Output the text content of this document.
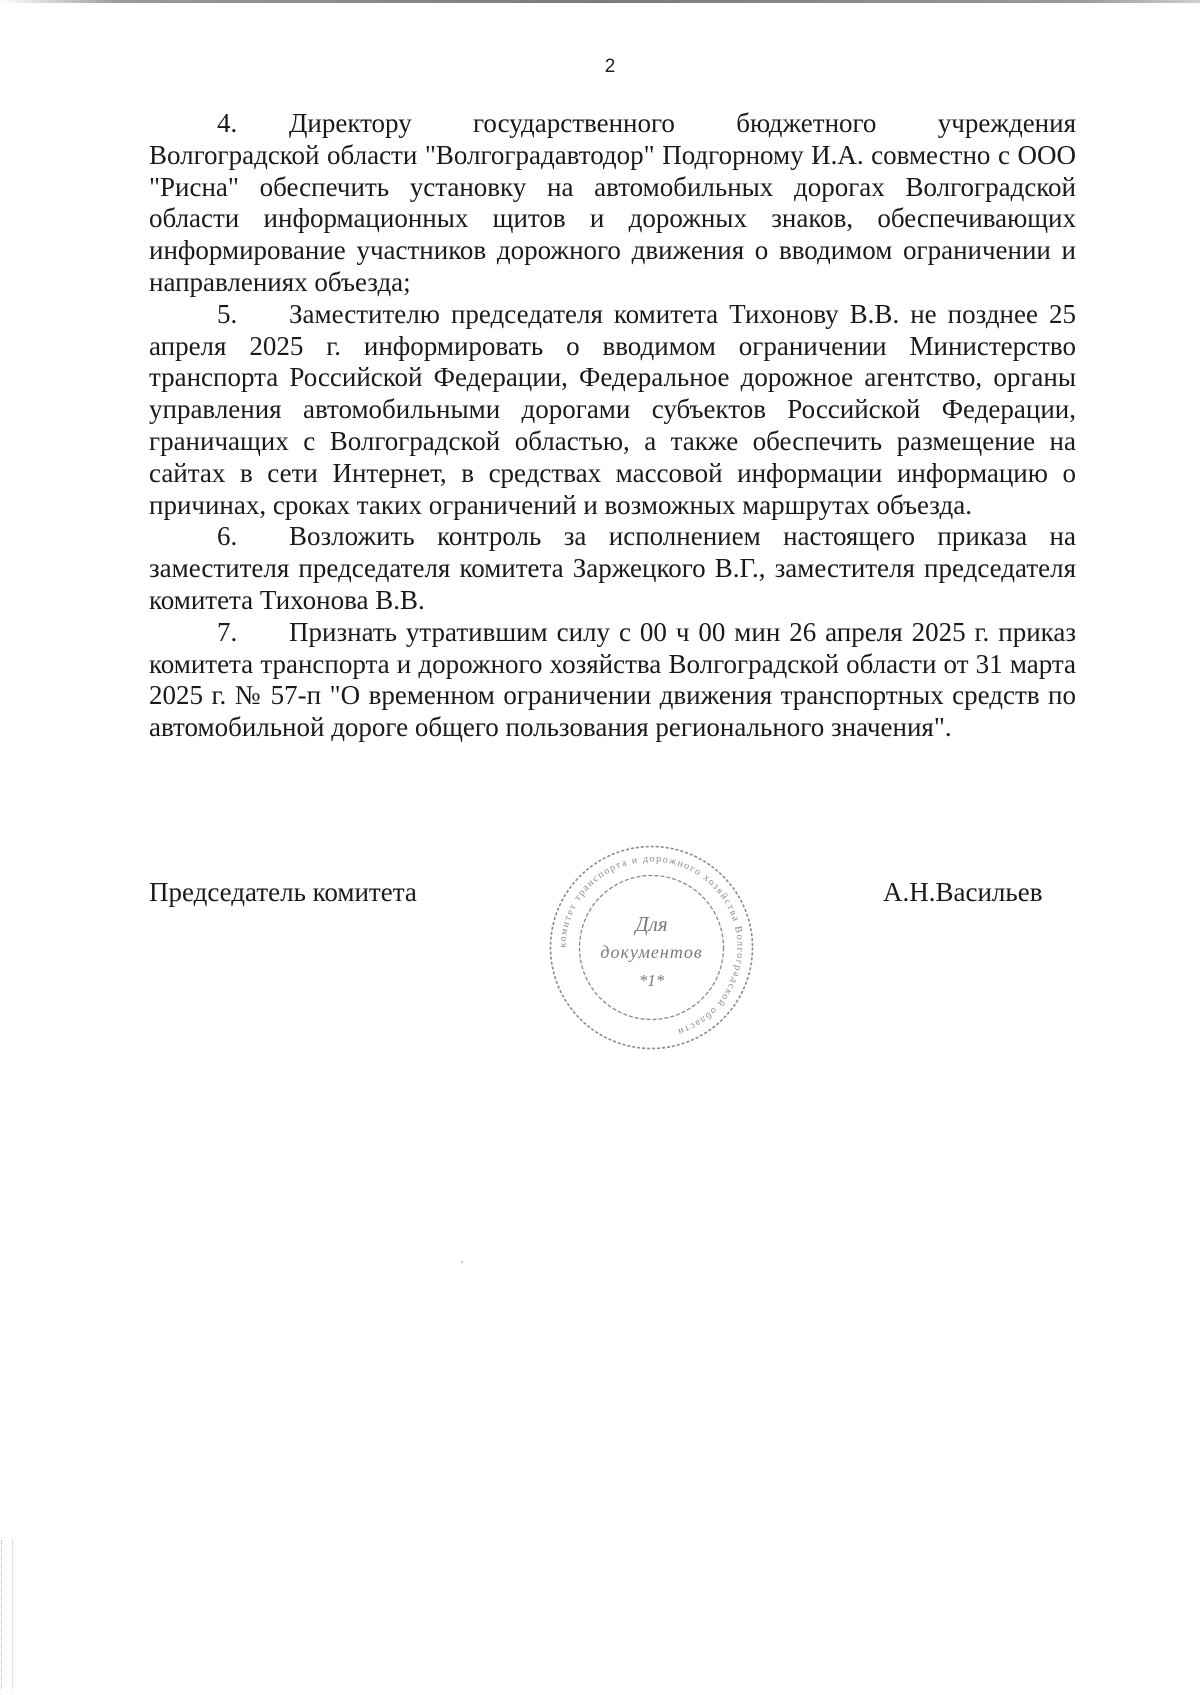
2

4. Директору государственного бюджетного учреждения Волгоградской области "Волгоградавтодор" Подгорному И.А. совместно с ООО "Рисна" обеспечить установку на автомобильных дорогах Волгоградской области информационных щитов и дорожных знаков, обеспечивающих информирование участников дорожного движения о вводимом ограничении и направлениях объезда;

5. Заместителю председателя комитета Тихонову В.В. не позднее 25 апреля 2025 г. информировать о вводимом ограничении Министерство транспорта Российской Федерации, Федеральное дорожное агентство, органы управления автомобильными дорогами субъектов Российской Федерации, граничащих с Волгоградской областью, а также обеспечить размещение на сайтах в сети Интернет, в средствах массовой информации информацию о причинах, сроках таких ограничений и возможных маршрутах объезда.

6. Возложить контроль за исполнением настоящего приказа на заместителя председателя комитета Заржецкого В.Г., заместителя председателя комитета Тихонова В.В.

7. Признать утратившим силу с 00 ч 00 мин 26 апреля 2025 г. приказ комитета транспорта и дорожного хозяйства Волгоградской области от 31 марта 2025 г. № 57-п "О временном ограничении движения транспортных средств по автомобильной дороге общего пользования регионального значения".

Председатель комитета	А.Н.Васильев
комитет транспорта и дорожного хозяйства Волгоградской области
Для
документов
*1*
